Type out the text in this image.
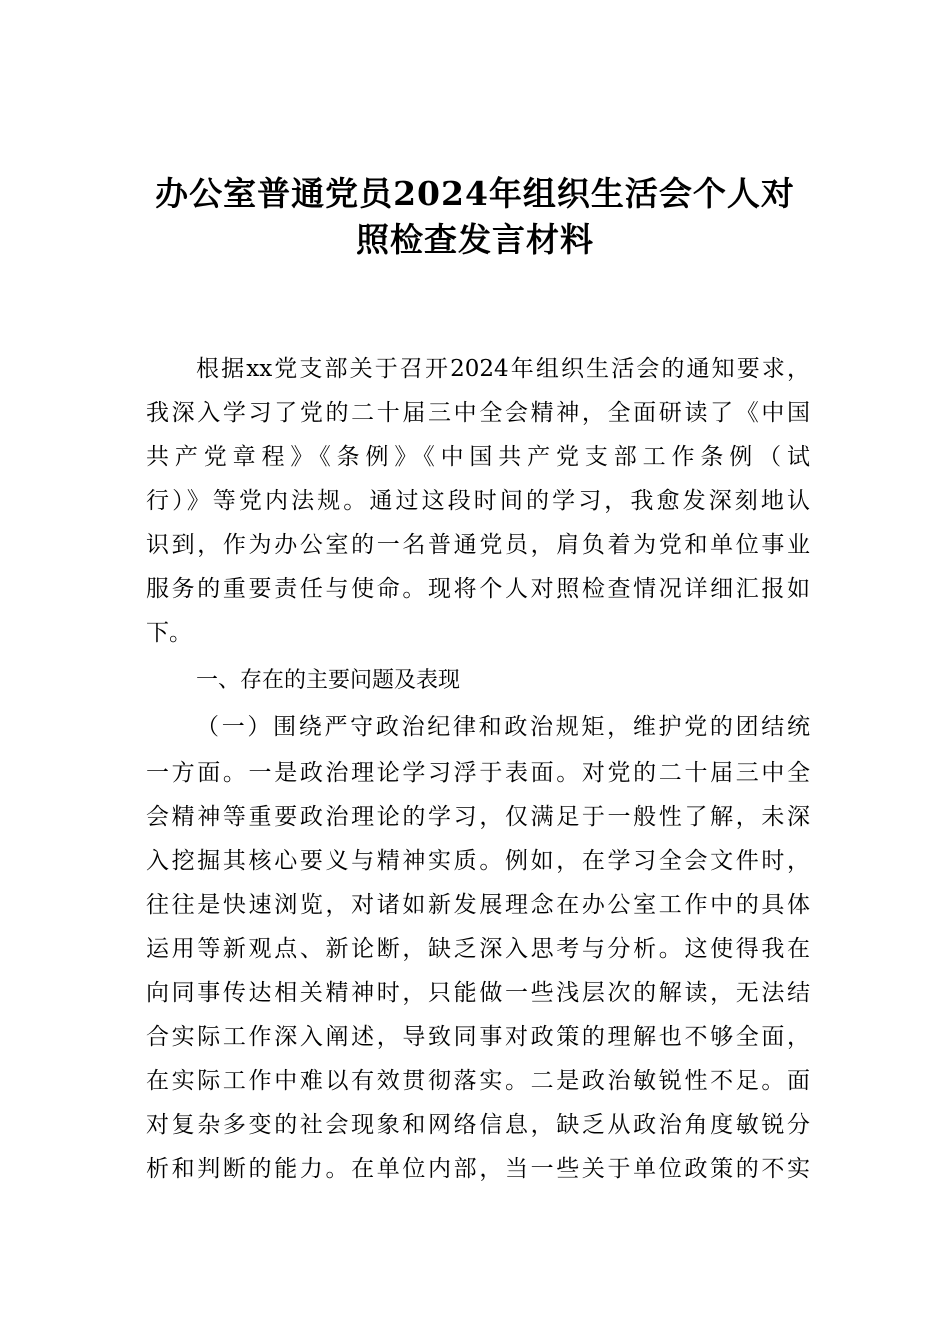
办公室普通党员2024年组织生活会个人对
照检查发言材料
根据xx党支部关于召开2024年组织生活会的通知要求，
我深入学习了党的二十届三中全会精神，全面研读了《中国
共产党章程》《条例》《中国共产党支部工作条例（试
行）》等党内法规。通过这段时间的学习，我愈发深刻地认
识到，作为办公室的一名普通党员，肩负着为党和单位事业
服务的重要责任与使命。现将个人对照检查情况详细汇报如
下。
一、存在的主要问题及表现
（一）围绕严守政治纪律和政治规矩，维护党的团结统
一方面。一是政治理论学习浮于表面。对党的二十届三中全
会精神等重要政治理论的学习，仅满足于一般性了解，未深
入挖掘其核心要义与精神实质。例如，在学习全会文件时，
往往是快速浏览，对诸如新发展理念在办公室工作中的具体
运用等新观点、新论断，缺乏深入思考与分析。这使得我在
向同事传达相关精神时，只能做一些浅层次的解读，无法结
合实际工作深入阐述，导致同事对政策的理解也不够全面，
在实际工作中难以有效贯彻落实。二是政治敏锐性不足。面
对复杂多变的社会现象和网络信息，缺乏从政治角度敏锐分
析和判断的能力。在单位内部，当一些关于单位政策的不实
